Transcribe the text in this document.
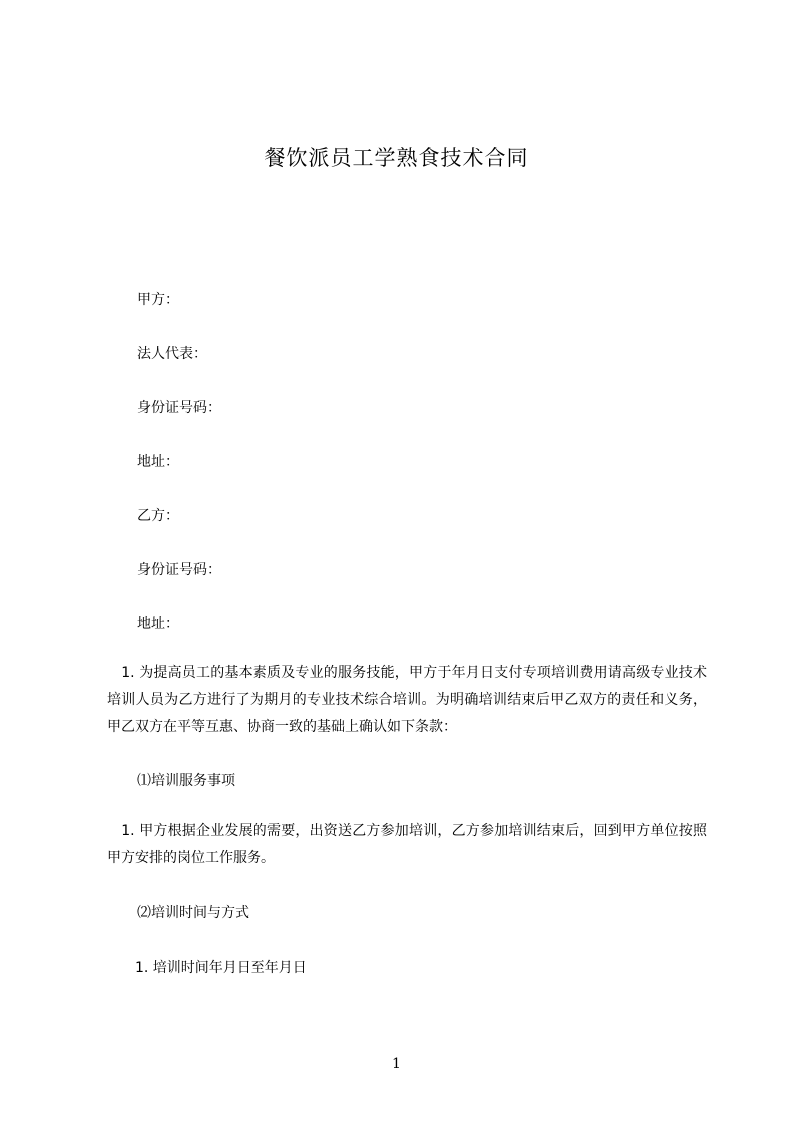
餐饮派员工学熟食技术合同

甲方：

法人代表：

身份证号码：

地址：

乙方：

身份证号码：

地址：

　1. 为提高员工的基本素质及专业的服务技能，甲方于年月日支付专项培训费用请高级专业技术培训人员为乙方进行了为期月的专业技术综合培训。为明确培训结束后甲乙双方的责任和义务，甲乙双方在平等互惠、协商一致的基础上确认如下条款：

⑴培训服务事项

　1. 甲方根据企业发展的需要，出资送乙方参加培训，乙方参加培训结束后，回到甲方单位按照甲方安排的岗位工作服务。

⑵培训时间与方式

1. 培训时间年月日至年月日

1
